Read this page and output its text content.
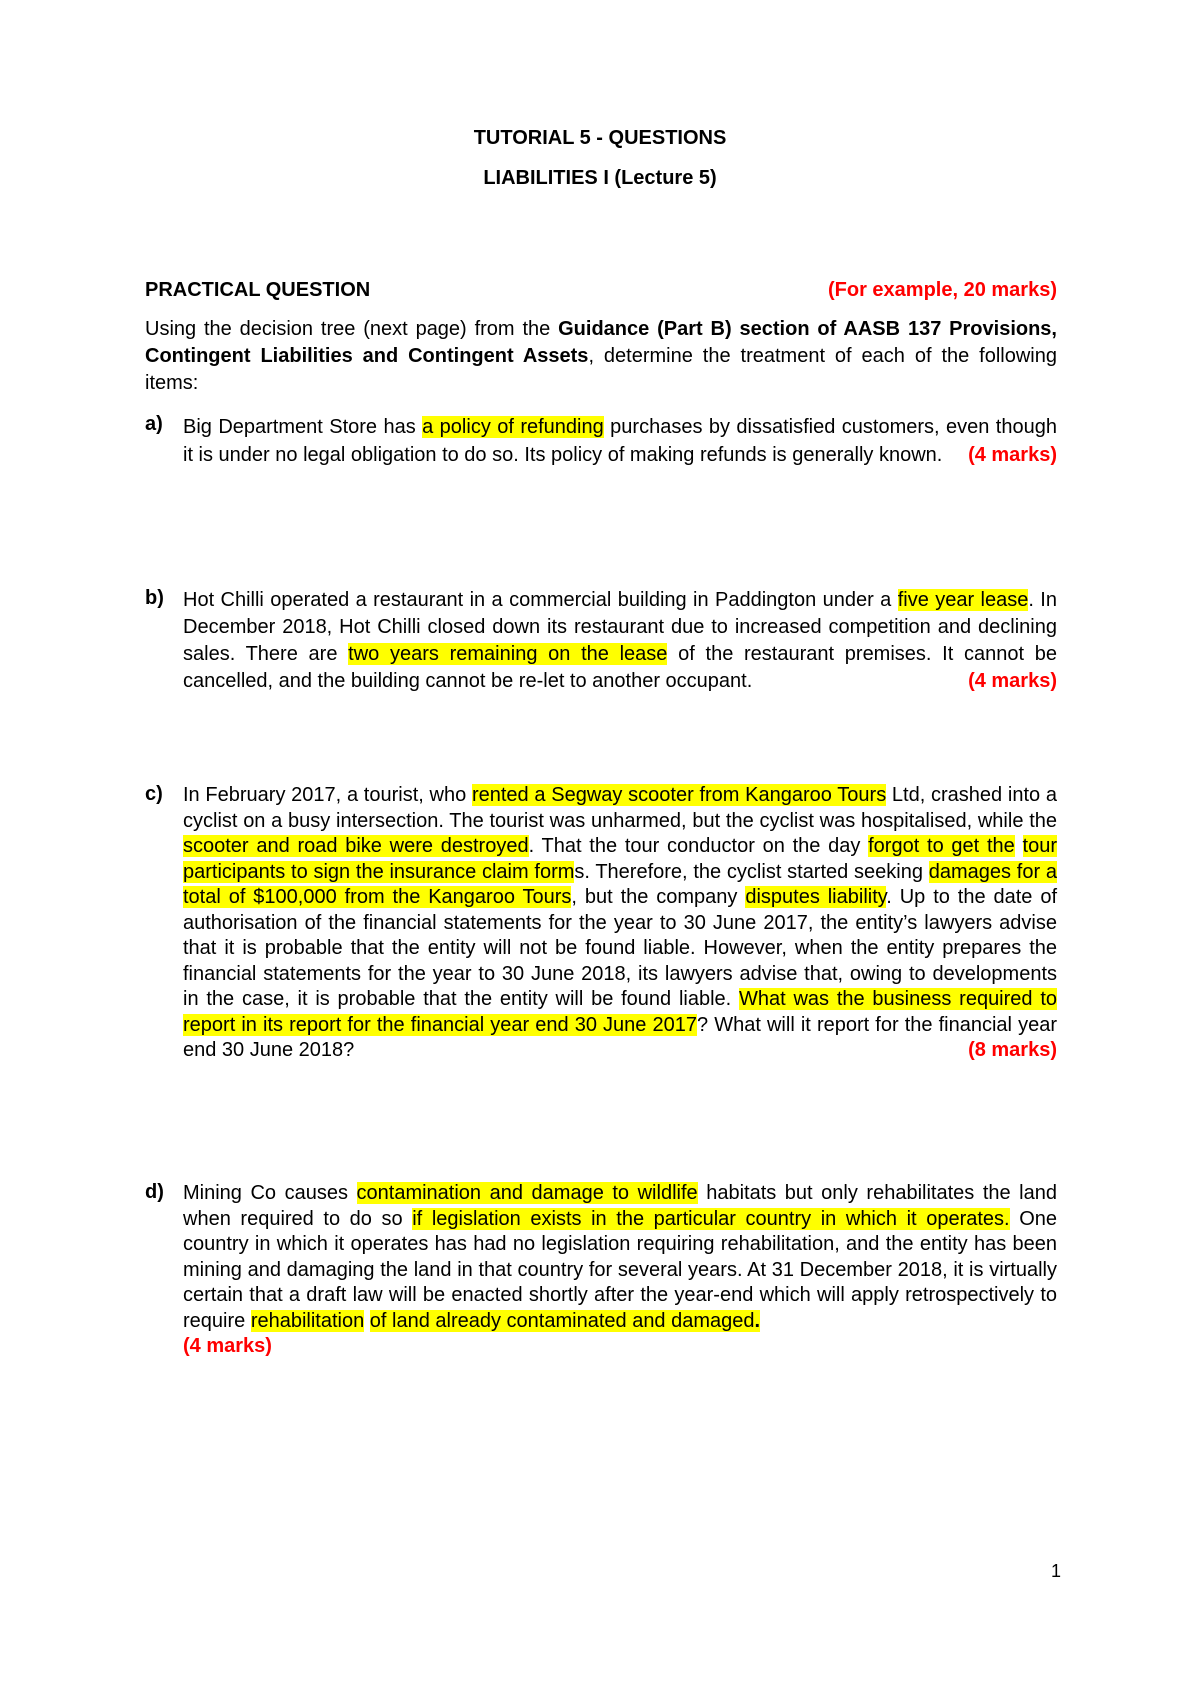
TUTORIAL 5 - QUESTIONS
LIABILITIES I (Lecture 5)
PRACTICAL QUESTION	(For example, 20 marks)
Using the decision tree (next page) from the Guidance (Part B) section of AASB 137 Provisions, Contingent Liabilities and Contingent Assets, determine the treatment of each of the following items:
a) Big Department Store has a policy of refunding purchases by dissatisfied customers, even though it is under no legal obligation to do so. Its policy of making refunds is generally known. (4 marks)
b) Hot Chilli operated a restaurant in a commercial building in Paddington under a five year lease. In December 2018, Hot Chilli closed down its restaurant due to increased competition and declining sales. There are two years remaining on the lease of the restaurant premises. It cannot be cancelled, and the building cannot be re-let to another occupant.	(4 marks)
c) In February 2017, a tourist, who rented a Segway scooter from Kangaroo Tours Ltd, crashed into a cyclist on a busy intersection. The tourist was unharmed, but the cyclist was hospitalised, while the scooter and road bike were destroyed. That the tour conductor on the day forgot to get the tour participants to sign the insurance claim forms. Therefore, the cyclist started seeking damages for a total of $100,000 from the Kangaroo Tours, but the company disputes liability. Up to the date of authorisation of the financial statements for the year to 30 June 2017, the entity’s lawyers advise that it is probable that the entity will not be found liable. However, when the entity prepares the financial statements for the year to 30 June 2018, its lawyers advise that, owing to developments in the case, it is probable that the entity will be found liable. What was the business required to report in its report for the financial year end 30 June 2017? What will it report for the financial year end 30 June 2018?	(8 marks)
d) Mining Co causes contamination and damage to wildlife habitats but only rehabilitates the land when required to do so if legislation exists in the particular country in which it operates. One country in which it operates has had no legislation requiring rehabilitation, and the entity has been mining and damaging the land in that country for several years. At 31 December 2018, it is virtually certain that a draft law will be enacted shortly after the year-end which will apply retrospectively to require rehabilitation of land already contaminated and damaged.
(4 marks)
1
